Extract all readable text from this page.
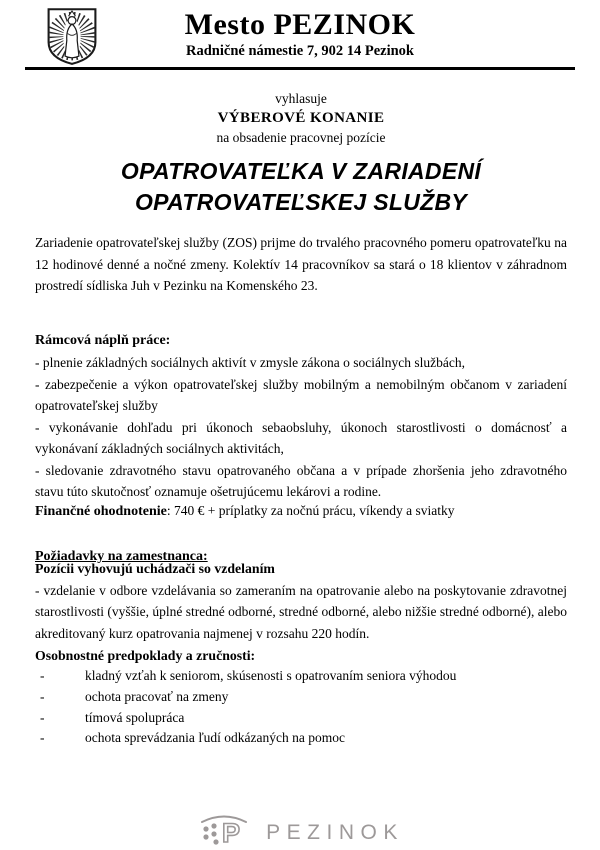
Mesto PEZINOK
Radničné námestie 7, 902 14 Pezinok

vyhlasuje

VÝBEROVÉ KONANIE

na obsadenie pracovnej pozície

OPATROVATEĽKA V ZARIADENÍ
OPATROVATEĽSKEJ SLUŽBY

Zariadenie opatrovateľskej služby (ZOS) prijme do trvalého pracovného pomeru opatrovateľku na 12 hodinové denné a nočné zmeny. Kolektív 14 pracovníkov sa stará o 18 klientov v záhradnom prostredí sídliska Juh v Pezinku na Komenského 23.

Rámcová náplň práce:

- plnenie základných sociálnych aktivít v zmysle zákona o sociálnych službách,

- zabezpečenie a výkon opatrovateľskej služby mobilným a nemobilným občanom v zariadení opatrovateľskej služby

- vykonávanie dohľadu pri úkonoch sebaobsluhy, úkonoch starostlivosti o domácnosť a vykonávaní základných sociálnych aktivitách,

- sledovanie zdravotného stavu opatrovaného občana a v prípade zhoršenia jeho zdravotného stavu túto skutočnosť oznamuje ošetrujúcemu lekárovi a rodine.

Finančné ohodnotenie: 740 € + príplatky za nočnú prácu, víkendy a sviatky

Požiadavky na zamestnanca:

Pozícii vyhovujú uchádzači so vzdelaním

- vzdelanie v odbore vzdelávania so zameraním na opatrovanie alebo na poskytovanie zdravotnej starostlivosti (vyššie, úplné stredné odborné, stredné odborné, alebo nižšie stredné odborné), alebo akreditovaný kurz opatrovania najmenej v rozsahu 220 hodín.

Osobnostné predpoklady a zručnosti:

-	kladný vzťah k seniorom, skúsenosti s opatrovaním seniora výhodou
-	ochota pracovať na zmeny
-	tímová spolupráca
-	ochota sprevádzania ľudí odkázaných na pomoc
P PEZINOK
